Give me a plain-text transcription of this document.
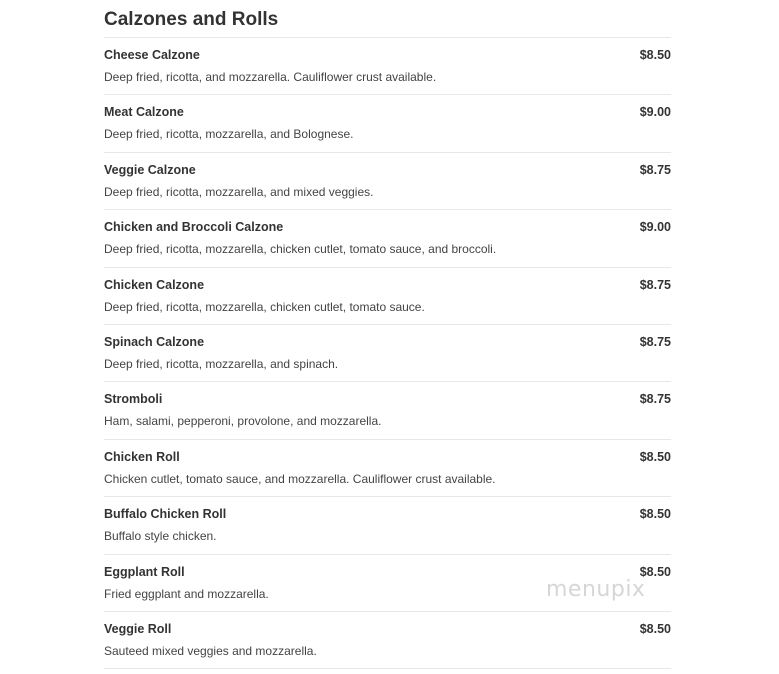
Calzones and Rolls
Cheese Calzone	$8.50
Deep fried, ricotta, and mozzarella. Cauliflower crust available.
Meat Calzone	$9.00
Deep fried, ricotta, mozzarella, and Bolognese.
Veggie Calzone	$8.75
Deep fried, ricotta, mozzarella, and mixed veggies.
Chicken and Broccoli Calzone	$9.00
Deep fried, ricotta, mozzarella, chicken cutlet, tomato sauce, and broccoli.
Chicken Calzone	$8.75
Deep fried, ricotta, mozzarella, chicken cutlet, tomato sauce.
Spinach Calzone	$8.75
Deep fried, ricotta, mozzarella, and spinach.
Stromboli	$8.75
Ham, salami, pepperoni, provolone, and mozzarella.
Chicken Roll	$8.50
Chicken cutlet, tomato sauce, and mozzarella. Cauliflower crust available.
Buffalo Chicken Roll	$8.50
Buffalo style chicken.
Eggplant Roll	$8.50
Fried eggplant and mozzarella.
Veggie Roll	$8.50
Sauteed mixed veggies and mozzarella.
menupix
